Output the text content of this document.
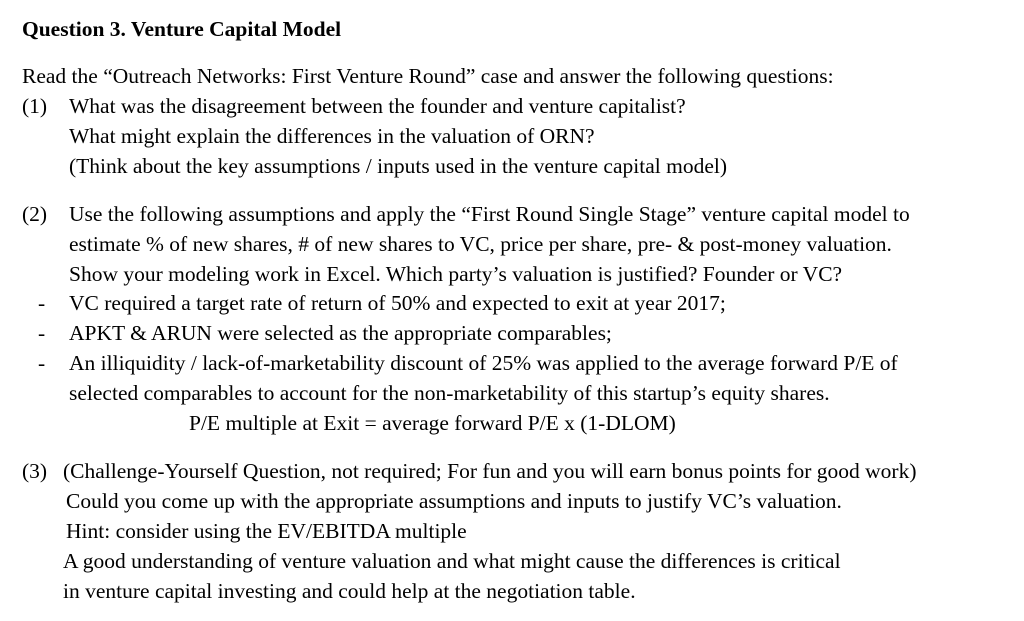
Question 3. Venture Capital Model
Read the “Outreach Networks: First Venture Round” case and answer the following questions:
(1) What was the disagreement between the founder and venture capitalist?
What might explain the differences in the valuation of ORN?
(Think about the key assumptions / inputs used in the venture capital model)
(2) Use the following assumptions and apply the “First Round Single Stage” venture capital model to
estimate % of new shares, # of new shares to VC, price per share, pre- & post-money valuation.
Show your modeling work in Excel. Which party’s valuation is justified? Founder or VC?
- VC required a target rate of return of 50% and expected to exit at year 2017;
- APKT & ARUN were selected as the appropriate comparables;
- An illiquidity / lack-of-marketability discount of 25% was applied to the average forward P/E of
selected comparables to account for the non-marketability of this startup’s equity shares.
P/E multiple at Exit = average forward P/E x (1-DLOM)
(3) (Challenge-Yourself Question, not required; For fun and you will earn bonus points for good work)
Could you come up with the appropriate assumptions and inputs to justify VC’s valuation.
Hint: consider using the EV/EBITDA multiple
A good understanding of venture valuation and what might cause the differences is critical
in venture capital investing and could help at the negotiation table.
